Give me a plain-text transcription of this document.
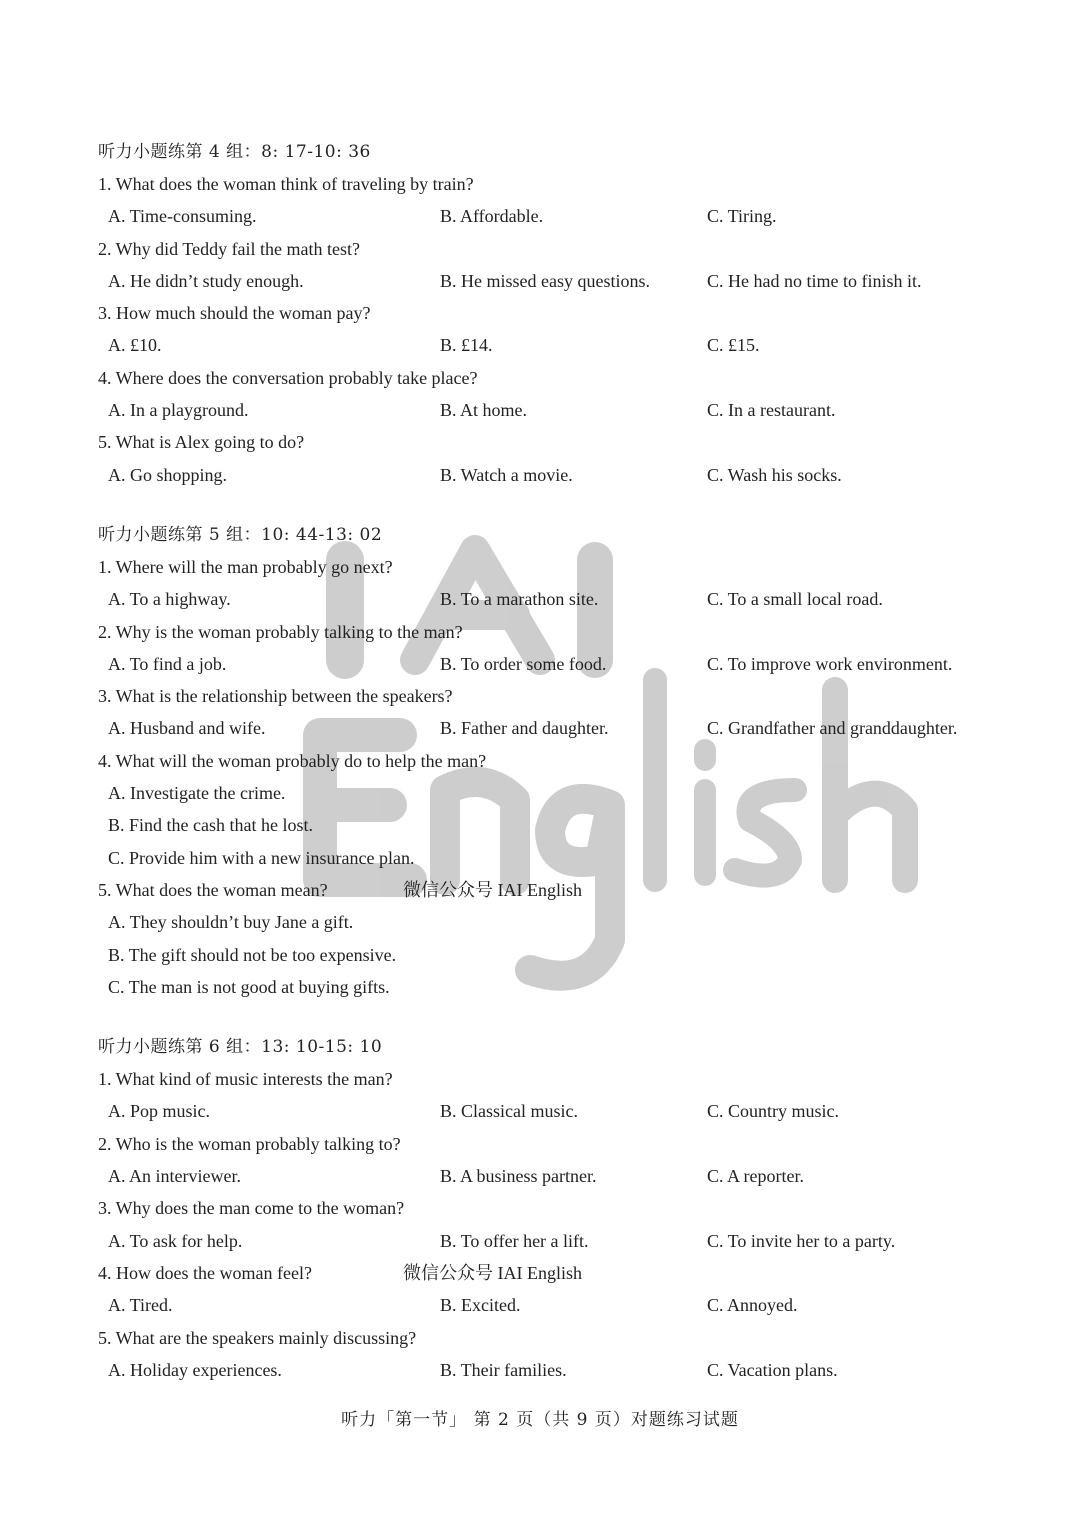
听力小题练第 4 组：8: 17-10: 36
1. What does the woman think of traveling by train?
A. Time-consuming.	B. Affordable.	C. Tiring.
2. Why did Teddy fail the math test?
A. He didn’t study enough.	B. He missed easy questions.	C. He had no time to finish it.
3. How much should the woman pay?
A. £10.	B. £14.	C. £15.
4. Where does the conversation probably take place?
A. In a playground.	B. At home.	C. In a restaurant.
5. What is Alex going to do?
A. Go shopping.	B. Watch a movie.	C. Wash his socks.
听力小题练第 5 组：10: 44-13: 02
1. Where will the man probably go next?
A. To a highway.	B. To a marathon site.	C. To a small local road.
2. Why is the woman probably talking to the man?
A. To find a job.	B. To order some food.	C. To improve work environment.
3. What is the relationship between the speakers?
A. Husband and wife.	B. Father and daughter.	C. Grandfather and granddaughter.
4. What will the woman probably do to help the man?
A. Investigate the crime.
B. Find the cash that he lost.
C. Provide him with a new insurance plan.
5. What does the woman mean?	微信公众号 IAI English
A. They shouldn’t buy Jane a gift.
B. The gift should not be too expensive.
C. The man is not good at buying gifts.
听力小题练第 6 组：13: 10-15: 10
1. What kind of music interests the man?
A. Pop music.	B. Classical music.	C. Country music.
2. Who is the woman probably talking to?
A. An interviewer.	B. A business partner.	C. A reporter.
3. Why does the man come to the woman?
A. To ask for help.	B. To offer her a lift.	C. To invite her to a party.
4. How does the woman feel?	微信公众号 IAI English
A. Tired.	B. Excited.	C. Annoyed.
5. What are the speakers mainly discussing?
A. Holiday experiences.	B. Their families.	C. Vacation plans.
听力「第一节」 第 2 页（共 9 页）对题练习试题
